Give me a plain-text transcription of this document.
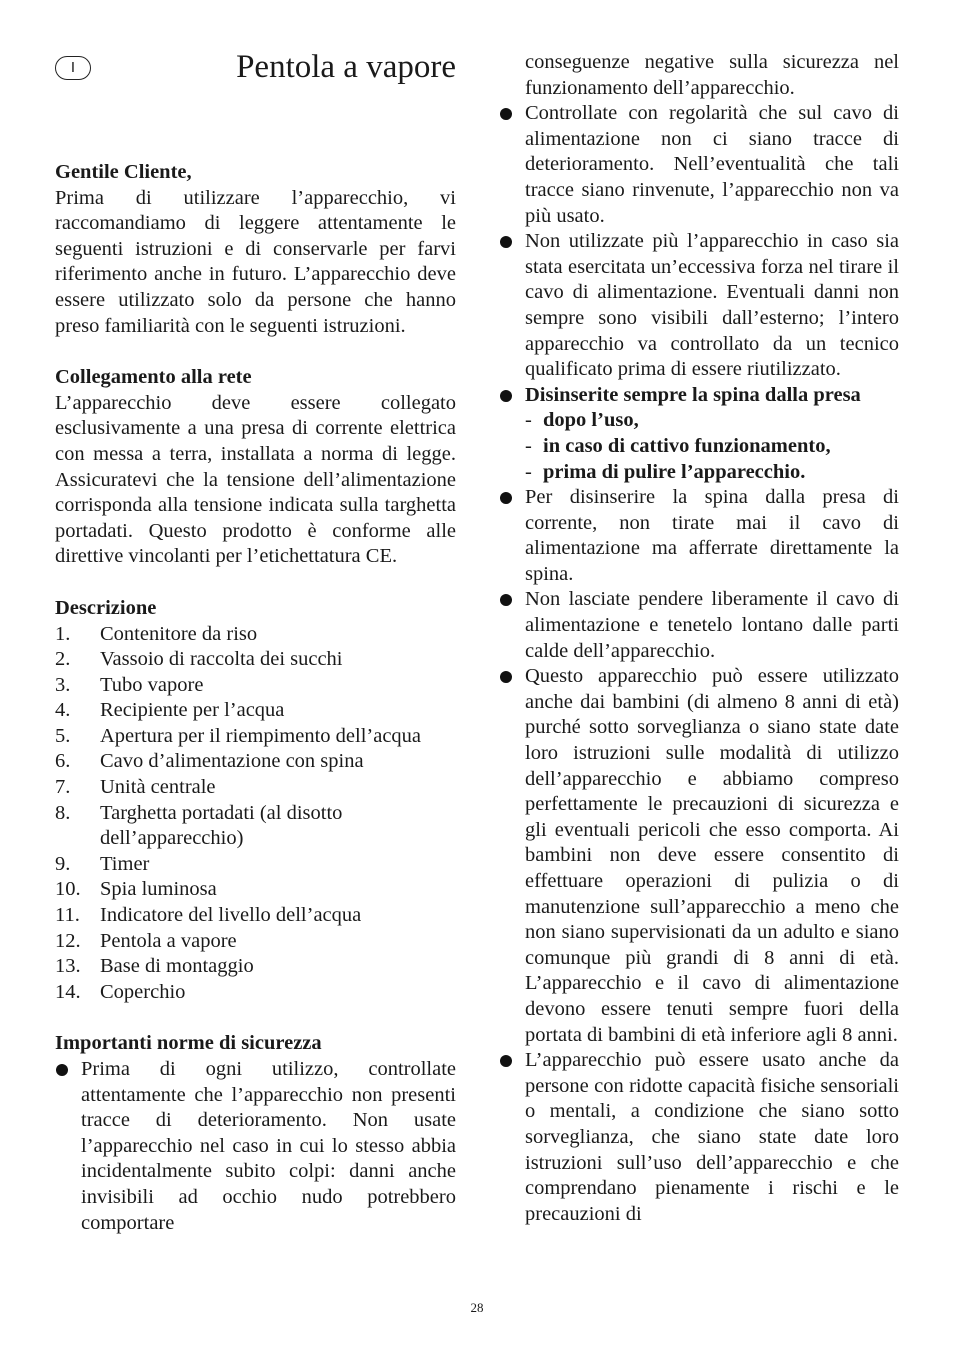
I	Pentola a vapore

Gentile Cliente,

Prima di utilizzare l’apparecchio, vi raccomandiamo di leggere attentamente le seguenti istruzioni e di conservarle per farvi riferimento anche in futuro. L’apparecchio deve essere utilizzato solo da persone che hanno preso familiarità con le seguenti istruzioni.

Collegamento alla rete

L’apparecchio deve essere collegato esclusivamente a una presa di corrente elettrica con messa a terra, installata a norma di legge. Assicuratevi che la tensione dell’alimentazione corrisponda alla tensione indicata sulla targhetta portadati. Questo prodotto è conforme alle direttive vincolanti per l’etichettatura CE.

Descrizione

1. Contenitore da riso
2. Vassoio di raccolta dei succhi
3. Tubo vapore
4. Recipiente per l’acqua
5. Apertura per il riempimento dell’acqua
6. Cavo d’alimentazione con spina
7. Unità centrale
8. Targhetta portadati (al disotto dell’apparecchio)
9. Timer
10. Spia luminosa
11. Indicatore del livello dell’acqua
12. Pentola a vapore
13. Base di montaggio
14. Coperchio

Importanti norme di sicurezza

Prima di ogni utilizzo, controllate attentamente che l’apparecchio non presenti tracce di deterioramento. Non usate l’apparecchio nel caso in cui lo stesso abbia incidentalmente subito colpi: danni anche invisibili ad occhio nudo potrebbero comportare

conseguenze negative sulla sicurezza nel funzionamento dell’apparecchio.

Controllate con regolarità che sul cavo di alimentazione non ci siano tracce di deterioramento. Nell’eventualità che tali tracce siano rinvenute, l’apparecchio non va più usato.
Non utilizzate più l’apparecchio in caso sia stata esercitata un’eccessiva forza nel tirare il cavo di alimentazione. Eventuali danni non sempre sono visibili dall’esterno; l’intero apparecchio va controllato da un tecnico qualificato prima di essere riutilizzato.
Disinserite sempre la spina dalla presa
- dopo l’uso,
- in caso di cattivo funzionamento,
- prima di pulire l’apparecchio.
Per disinserire la spina dalla presa di corrente, non tirate mai il cavo di alimentazione ma afferrate direttamente la spina.
Non lasciate pendere liberamente il cavo di alimentazione e tenetelo lontano dalle parti calde dell’apparecchio.
Questo apparecchio può essere utilizzato anche dai bambini (di almeno 8 anni di età) purché sotto sorveglianza o siano state date loro istruzioni sulle modalità di utilizzo dell’apparecchio e abbiamo compreso perfettamente le precauzioni di sicurezza e gli eventuali pericoli che esso comporta. Ai bambini non deve essere consentito di effettuare operazioni di pulizia o di manutenzione sull’apparecchio a meno che non siano supervisionati da un adulto e siano comunque più grandi di 8 anni di età. L’apparecchio e il cavo di alimentazione devono essere tenuti sempre fuori della portata di bambini di età inferiore agli 8 anni.
L’apparecchio può essere usato anche da persone con ridotte capacità fisiche sensoriali o mentali, a condizione che siano sotto sorveglianza, che siano state date loro istruzioni sull’uso dell’apparecchio e che comprendano pienamente i rischi e le precauzioni di
28
